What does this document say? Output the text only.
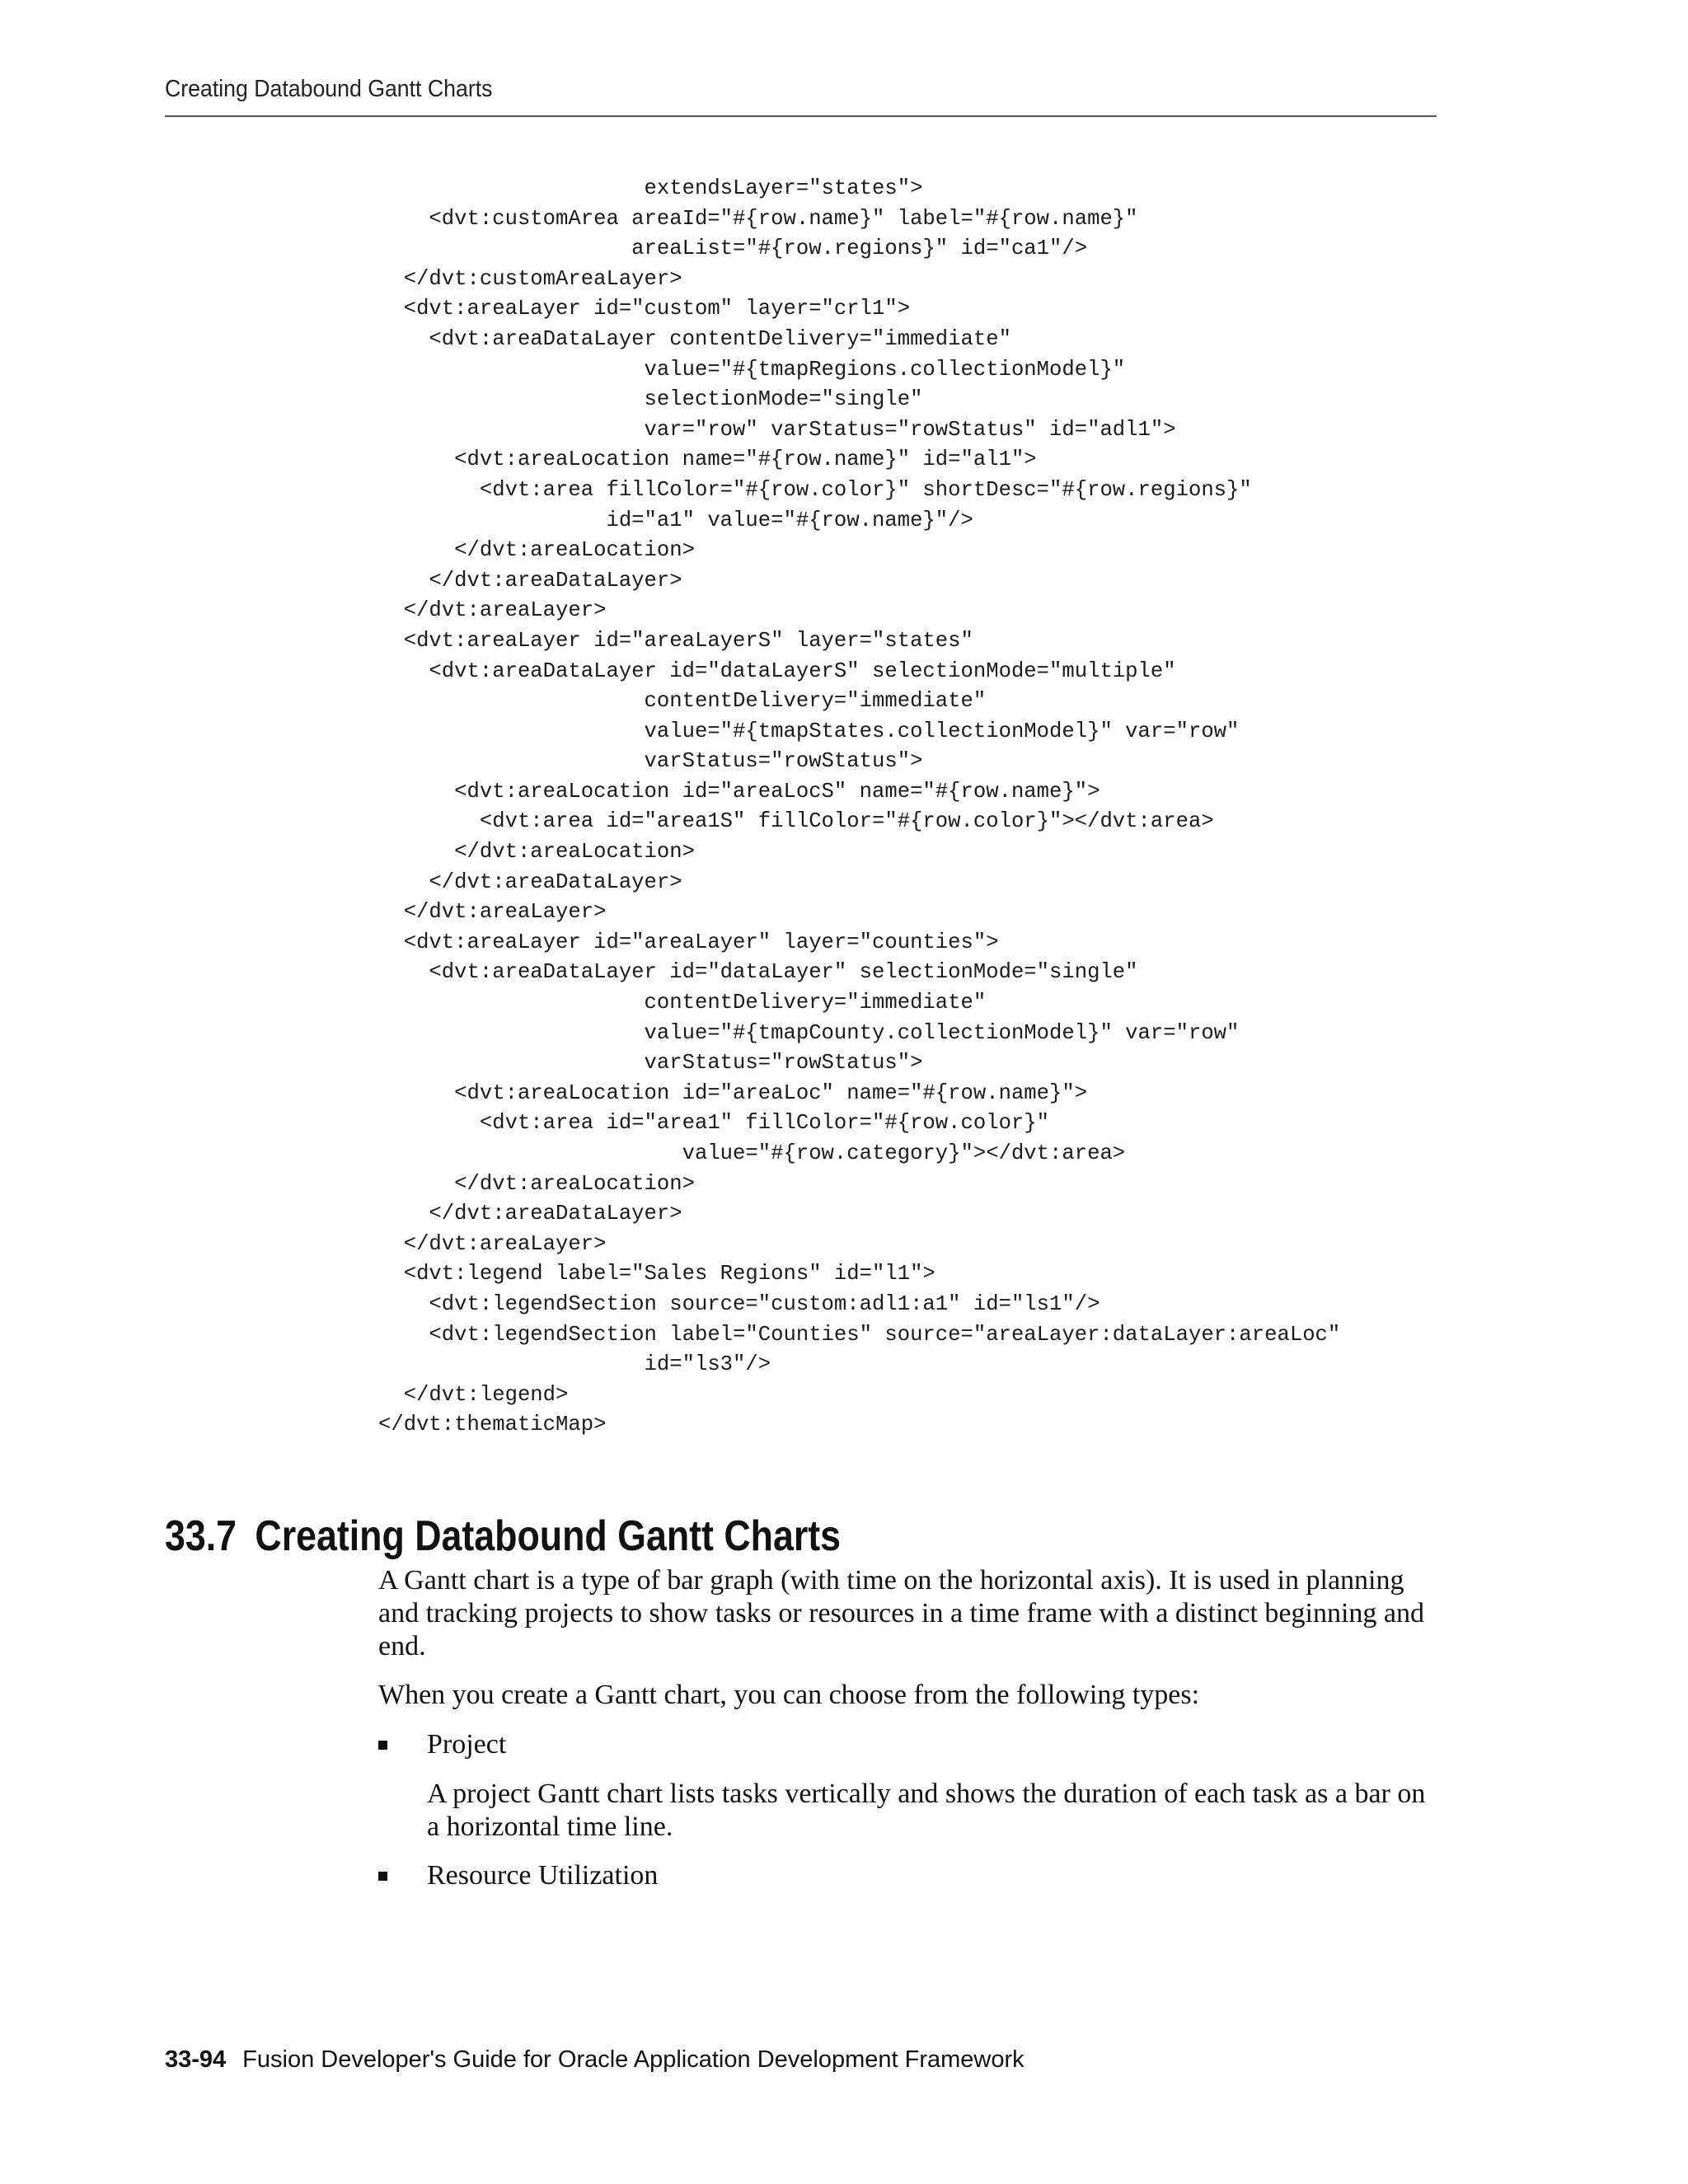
Creating Databound Gantt Charts
extendsLayer="states">
<dvt:customArea areaId="#{row.name}" label="#{row.name}"
areaList="#{row.regions}" id="ca1"/>
</dvt:customAreaLayer>
<dvt:areaLayer id="custom" layer="crl1">
<dvt:areaDataLayer contentDelivery="immediate"
value="#{tmapRegions.collectionModel}"
selectionMode="single"
var="row" varStatus="rowStatus" id="adl1">
<dvt:areaLocation name="#{row.name}" id="al1">
<dvt:area fillColor="#{row.color}" shortDesc="#{row.regions}"
id="a1" value="#{row.name}"/>
</dvt:areaLocation>
</dvt:areaDataLayer>
</dvt:areaLayer>
<dvt:areaLayer id="areaLayerS" layer="states"
<dvt:areaDataLayer id="dataLayerS" selectionMode="multiple"
contentDelivery="immediate"
value="#{tmapStates.collectionModel}" var="row"
varStatus="rowStatus">
<dvt:areaLocation id="areaLocS" name="#{row.name}">
<dvt:area id="area1S" fillColor="#{row.color}"></dvt:area>
</dvt:areaLocation>
</dvt:areaDataLayer>
</dvt:areaLayer>
<dvt:areaLayer id="areaLayer" layer="counties">
<dvt:areaDataLayer id="dataLayer" selectionMode="single"
contentDelivery="immediate"
value="#{tmapCounty.collectionModel}" var="row"
varStatus="rowStatus">
<dvt:areaLocation id="areaLoc" name="#{row.name}">
<dvt:area id="area1" fillColor="#{row.color}"
value="#{row.category}"></dvt:area>
</dvt:areaLocation>
</dvt:areaDataLayer>
</dvt:areaLayer>
<dvt:legend label="Sales Regions" id="l1">
<dvt:legendSection source="custom:adl1:a1" id="ls1"/>
<dvt:legendSection label="Counties" source="areaLayer:dataLayer:areaLoc"
id="ls3"/>
</dvt:legend>
</dvt:thematicMap>
33.7 Creating Databound Gantt Charts

A Gantt chart is a type of bar graph (with time on the horizontal axis). It is used in planning and tracking projects to show tasks or resources in a time frame with a distinct beginning and end.

When you create a Gantt chart, you can choose from the following types:

Project

A project Gantt chart lists tasks vertically and shows the duration of each task as a bar on a horizontal time line.

Resource Utilization
33-94 Fusion Developer's Guide for Oracle Application Development Framework
